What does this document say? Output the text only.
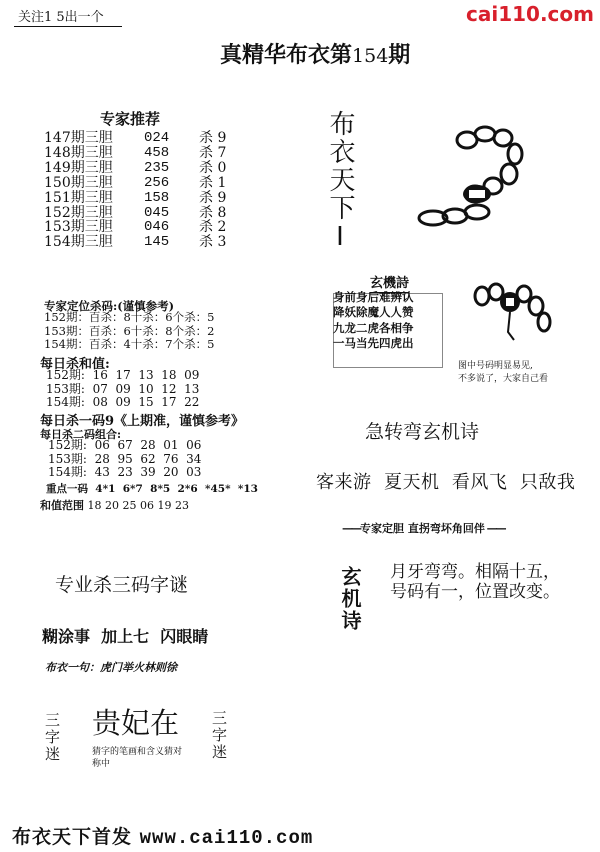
关注1 5出一个	cai110.com
真精华布衣第154期
专家推荐
147期三胆	024	杀 9
148期三胆	458	杀 7
149期三胆	235	杀 0
150期三胆	256	杀 1
151期三胆	158	杀 9
152期三胆	045	杀 8
153期三胆	046	杀 2
154期三胆	145	杀 3
专家定位杀码:(谨慎参考)
152期：百杀：8十杀：6个杀：5
153期：百杀：6十杀：8个杀：2
154期：百杀：4十杀：7个杀：5
每日杀和值:
152期:  16  17  13  18  09
153期:  07  09  10  12  13
154期:  08  09  15  17  22
每日杀一码9《上期准，谨慎参考》
每日杀二码组合:
152期:  06  67  28  01  06
153期:  28  95  62  76  34
154期:  43  23  39  20  03
重点一码  4*1  6*7  8*5  2*6  *45*  *13
和值范围 18 20 25 06 19 23
专业杀三码字谜
糊涂事  加上七  闪眼睛
布衣一句：虎门举火林则徐
三字迷 贵妃在 三字迷
猜字的笔画和含义猜对称中
布衣天下Ⅰ
玄機詩
身前身后难辨认
降妖除魔人人赞
九龙二虎各相争
一马当先四虎出
图中号码明显易见,
不多说了，大家自己看
急转弯玄机诗
客来游  夏天机  看风飞  只敌我
——专家定胆 直拐弯坏角回伴 ——
玄机诗 月牙弯弯。相隔十五，
号码有一，位置改变。
布衣天下首发 www.cai110.com
